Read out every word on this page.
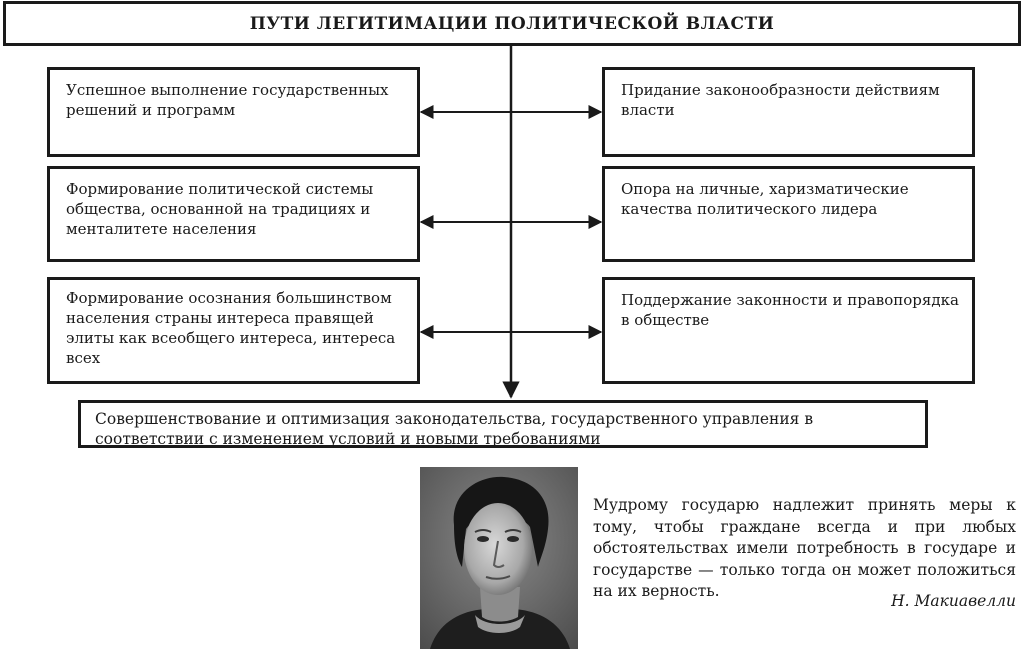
ПУТИ ЛЕГИТИМАЦИИ ПОЛИТИЧЕСКОЙ ВЛАСТИ
Успешное выполнение государственных решений и программ
Формирование политической системы общества, основанной на традициях и менталитете населения
Формирование осознания большинством населения страны интереса правящей элиты как всеобщего интереса, интереса всех
Придание законообразности действиям власти
Опора на личные, харизматические качества политического лидера
Поддержание законности и правопорядка в обществе
Совершенствование и оптимизация законодательства, государственного управления в соответствии с изменением условий и новыми требованиями
Мудрому государю надлежит принять меры к тому, чтобы граждане всегда и при любых обстоятельствах имели потребность в государе и государстве — только тогда он может положиться на их верность.
Н. Макиавелли
